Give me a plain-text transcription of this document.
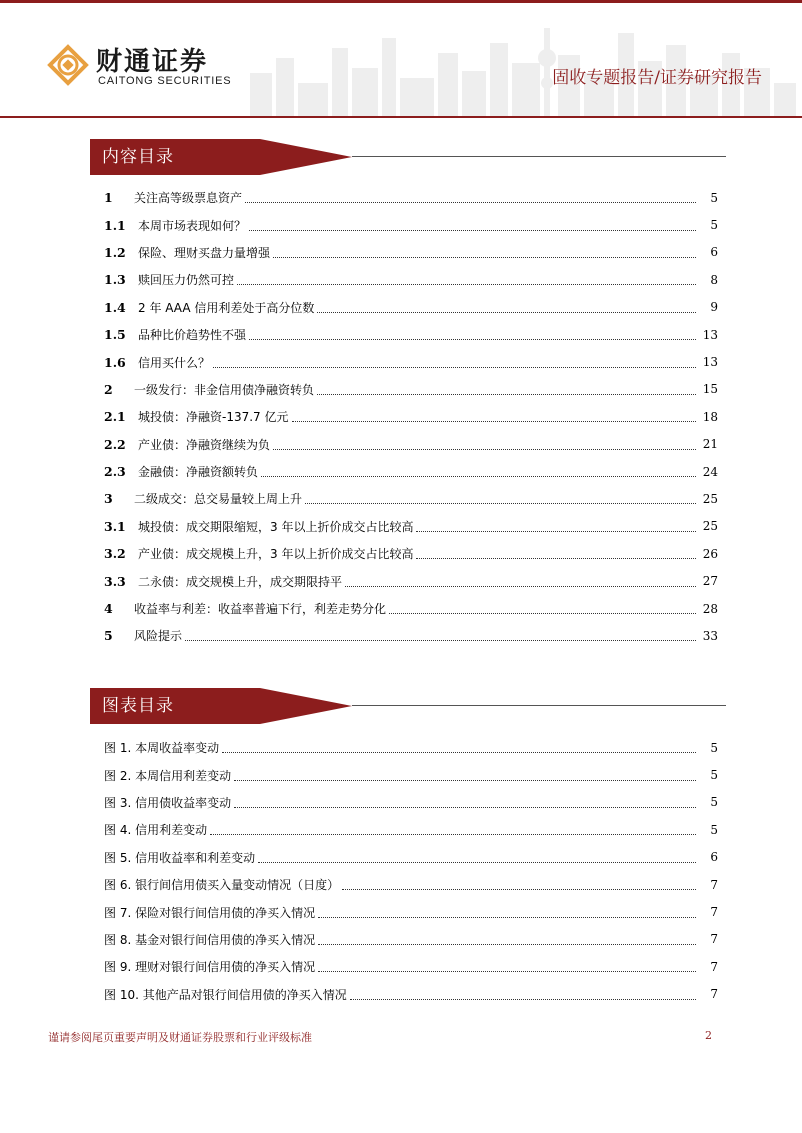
财通证券
CAITONG SECURITIES	固收专题报告/证券研究报告
内容目录
1	关注高等级票息资产	5
1.1	本周市场表现如何？	5
1.2	保险、理财买盘力量增强	6
1.3	赎回压力仍然可控	8
1.4	2 年 AAA 信用利差处于高分位数	9
1.5	品种比价趋势性不强	13
1.6	信用买什么？	13
2	一级发行：非金信用债净融资转负	15
2.1	城投债：净融资-137.7 亿元	18
2.2	产业债：净融资继续为负	21
2.3	金融债：净融资额转负	24
3	二级成交：总交易量较上周上升	25
3.1	城投债：成交期限缩短，3 年以上折价成交占比较高	25
3.2	产业债：成交规模上升，3 年以上折价成交占比较高	26
3.3	二永债：成交规模上升，成交期限持平	27
4	收益率与利差：收益率普遍下行，利差走势分化	28
5	风险提示	33
图表目录
图 1. 本周收益率变动	5
图 2. 本周信用利差变动	5
图 3. 信用债收益率变动	5
图 4. 信用利差变动	5
图 5. 信用收益率和利差变动	6
图 6. 银行间信用债买入量变动情况（日度）	7
图 7. 保险对银行间信用债的净买入情况	7
图 8. 基金对银行间信用债的净买入情况	7
图 9. 理财对银行间信用债的净买入情况	7
图 10. 其他产品对银行间信用债的净买入情况	7
谨请参阅尾页重要声明及财通证券股票和行业评级标准	2
